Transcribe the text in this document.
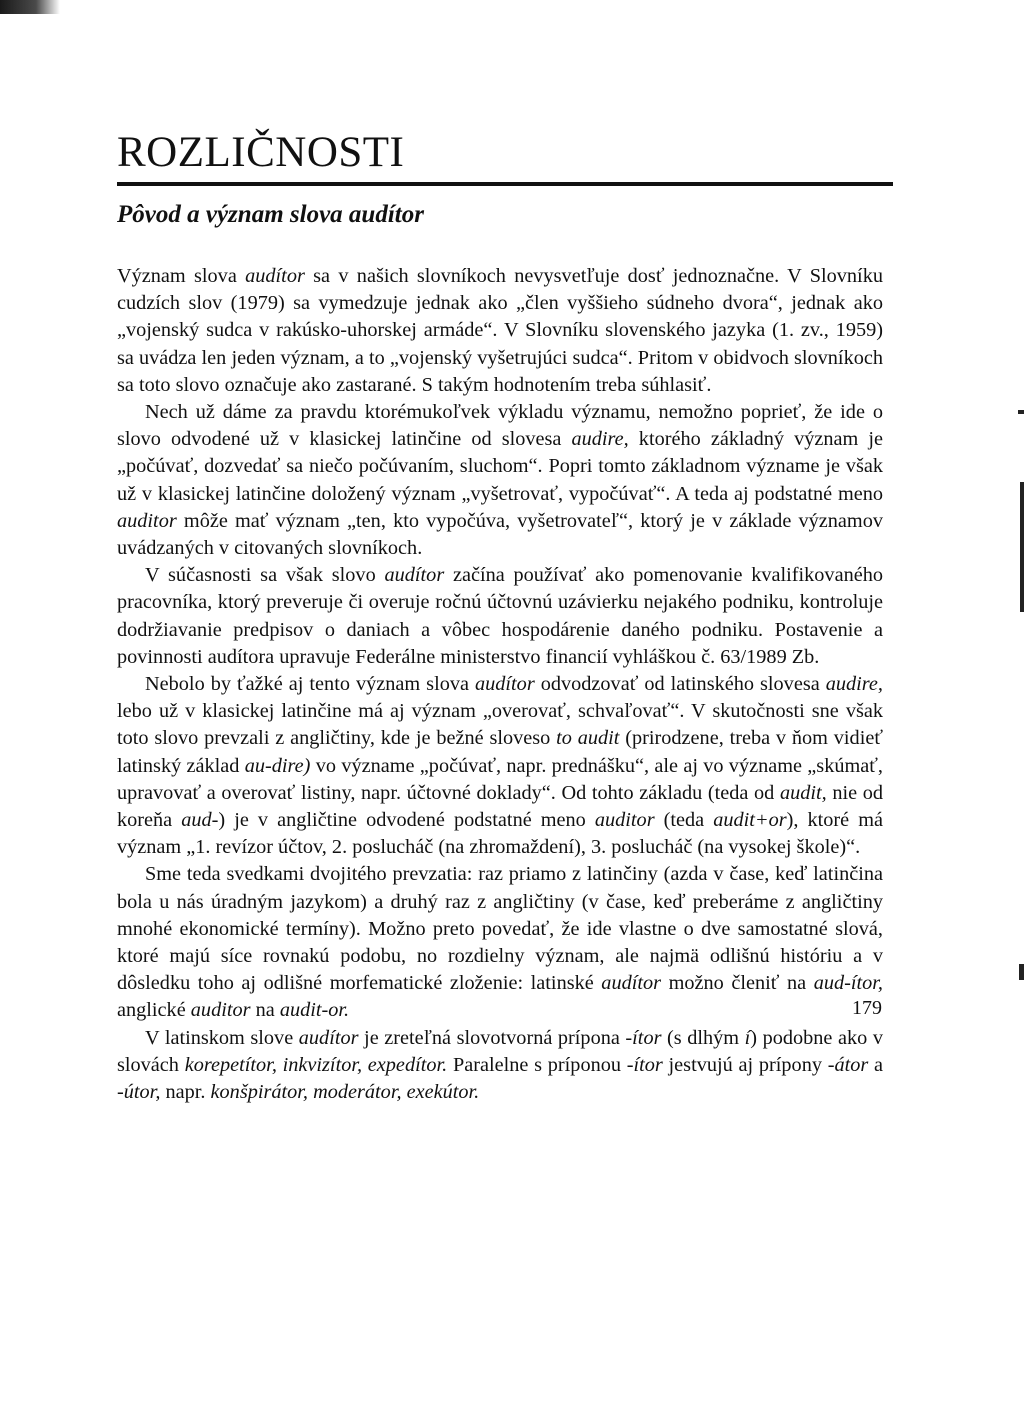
ROZLIČNOSTI
Pôvod a význam slova audítor

Význam slova audítor sa v našich slovníkoch nevysvetľuje dosť jednoznačne. V Slovníku cudzích slov (1979) sa vymedzuje jednak ako „člen vyššieho súdneho dvora“, jednak ako „vojenský sudca v rakúsko-uhorskej armáde“. V Slovníku slovenského jazyka (1. zv., 1959) sa uvádza len jeden význam, a to „vojenský vyšetrujúci sudca“. Pritom v obidvoch slovníkoch sa toto slovo označuje ako zastarané. S takým hodnotením treba súhlasiť.

Nech už dáme za pravdu ktorémukoľvek výkladu významu, nemožno poprieť, že ide o slovo odvodené už v klasickej latinčine od slovesa audire, ktorého základný význam je „počúvať, dozvedať sa niečo počúvaním, sluchom“. Popri tomto základnom význame je však už v klasickej latinčine doložený význam „vyšetrovať, vypočúvať“. A teda aj podstatné meno auditor môže mať význam „ten, kto vypočúva, vyšetrovateľ“, ktorý je v základe významov uvádzaných v citovaných slovníkoch.

V súčasnosti sa však slovo audítor začína používať ako pomenovanie kvalifikovaného pracovníka, ktorý preveruje či overuje ročnú účtovnú uzávierku nejakého podniku, kontroluje dodržiavanie predpisov o daniach a vôbec hospodárenie daného podniku. Postavenie a povinnosti audítora upravuje Federálne ministerstvo financií vyhláškou č. 63/1989 Zb.

Nebolo by ťažké aj tento význam slova audítor odvodzovať od latinského slovesa audire, lebo už v klasickej latinčine má aj význam „overovať, schvaľovať“. V skutočnosti sne však toto slovo prevzali z angličtiny, kde je bežné sloveso to audit (prirodzene, treba v ňom vidieť latinský základ au-dire) vo význame „počúvať, napr. prednášku“, ale aj vo význame „skúmať, upravovať a overovať listiny, napr. účtovné doklady“. Od tohto základu (teda od audit, nie od koreňa aud-) je v angličtine odvodené podstatné meno auditor (teda audit+or), ktoré má význam „1. revízor účtov, 2. poslucháč (na zhromaždení), 3. poslucháč (na vysokej škole)“.

Sme teda svedkami dvojitého prevzatia: raz priamo z latinčiny (azda v čase, keď latinčina bola u nás úradným jazykom) a druhý raz z angličtiny (v čase, keď preberáme z angličtiny mnohé ekonomické termíny). Možno preto povedať, že ide vlastne o dve samostatné slová, ktoré majú síce rovnakú podobu, no rozdielny význam, ale najmä odlišnú históriu a v dôsledku toho aj odlišné morfematické zloženie: latinské audítor možno členiť na aud-ítor, anglické auditor na audit-or.

V latinskom slove audítor je zreteľná slovotvorná prípona -ítor (s dlhým í) podobne ako v slovách korepetítor, inkvizítor, expedítor. Paralelne s príponou -ítor jestvujú aj prípony -átor a -útor, napr. konšpirátor, moderátor, exekútor.

179
